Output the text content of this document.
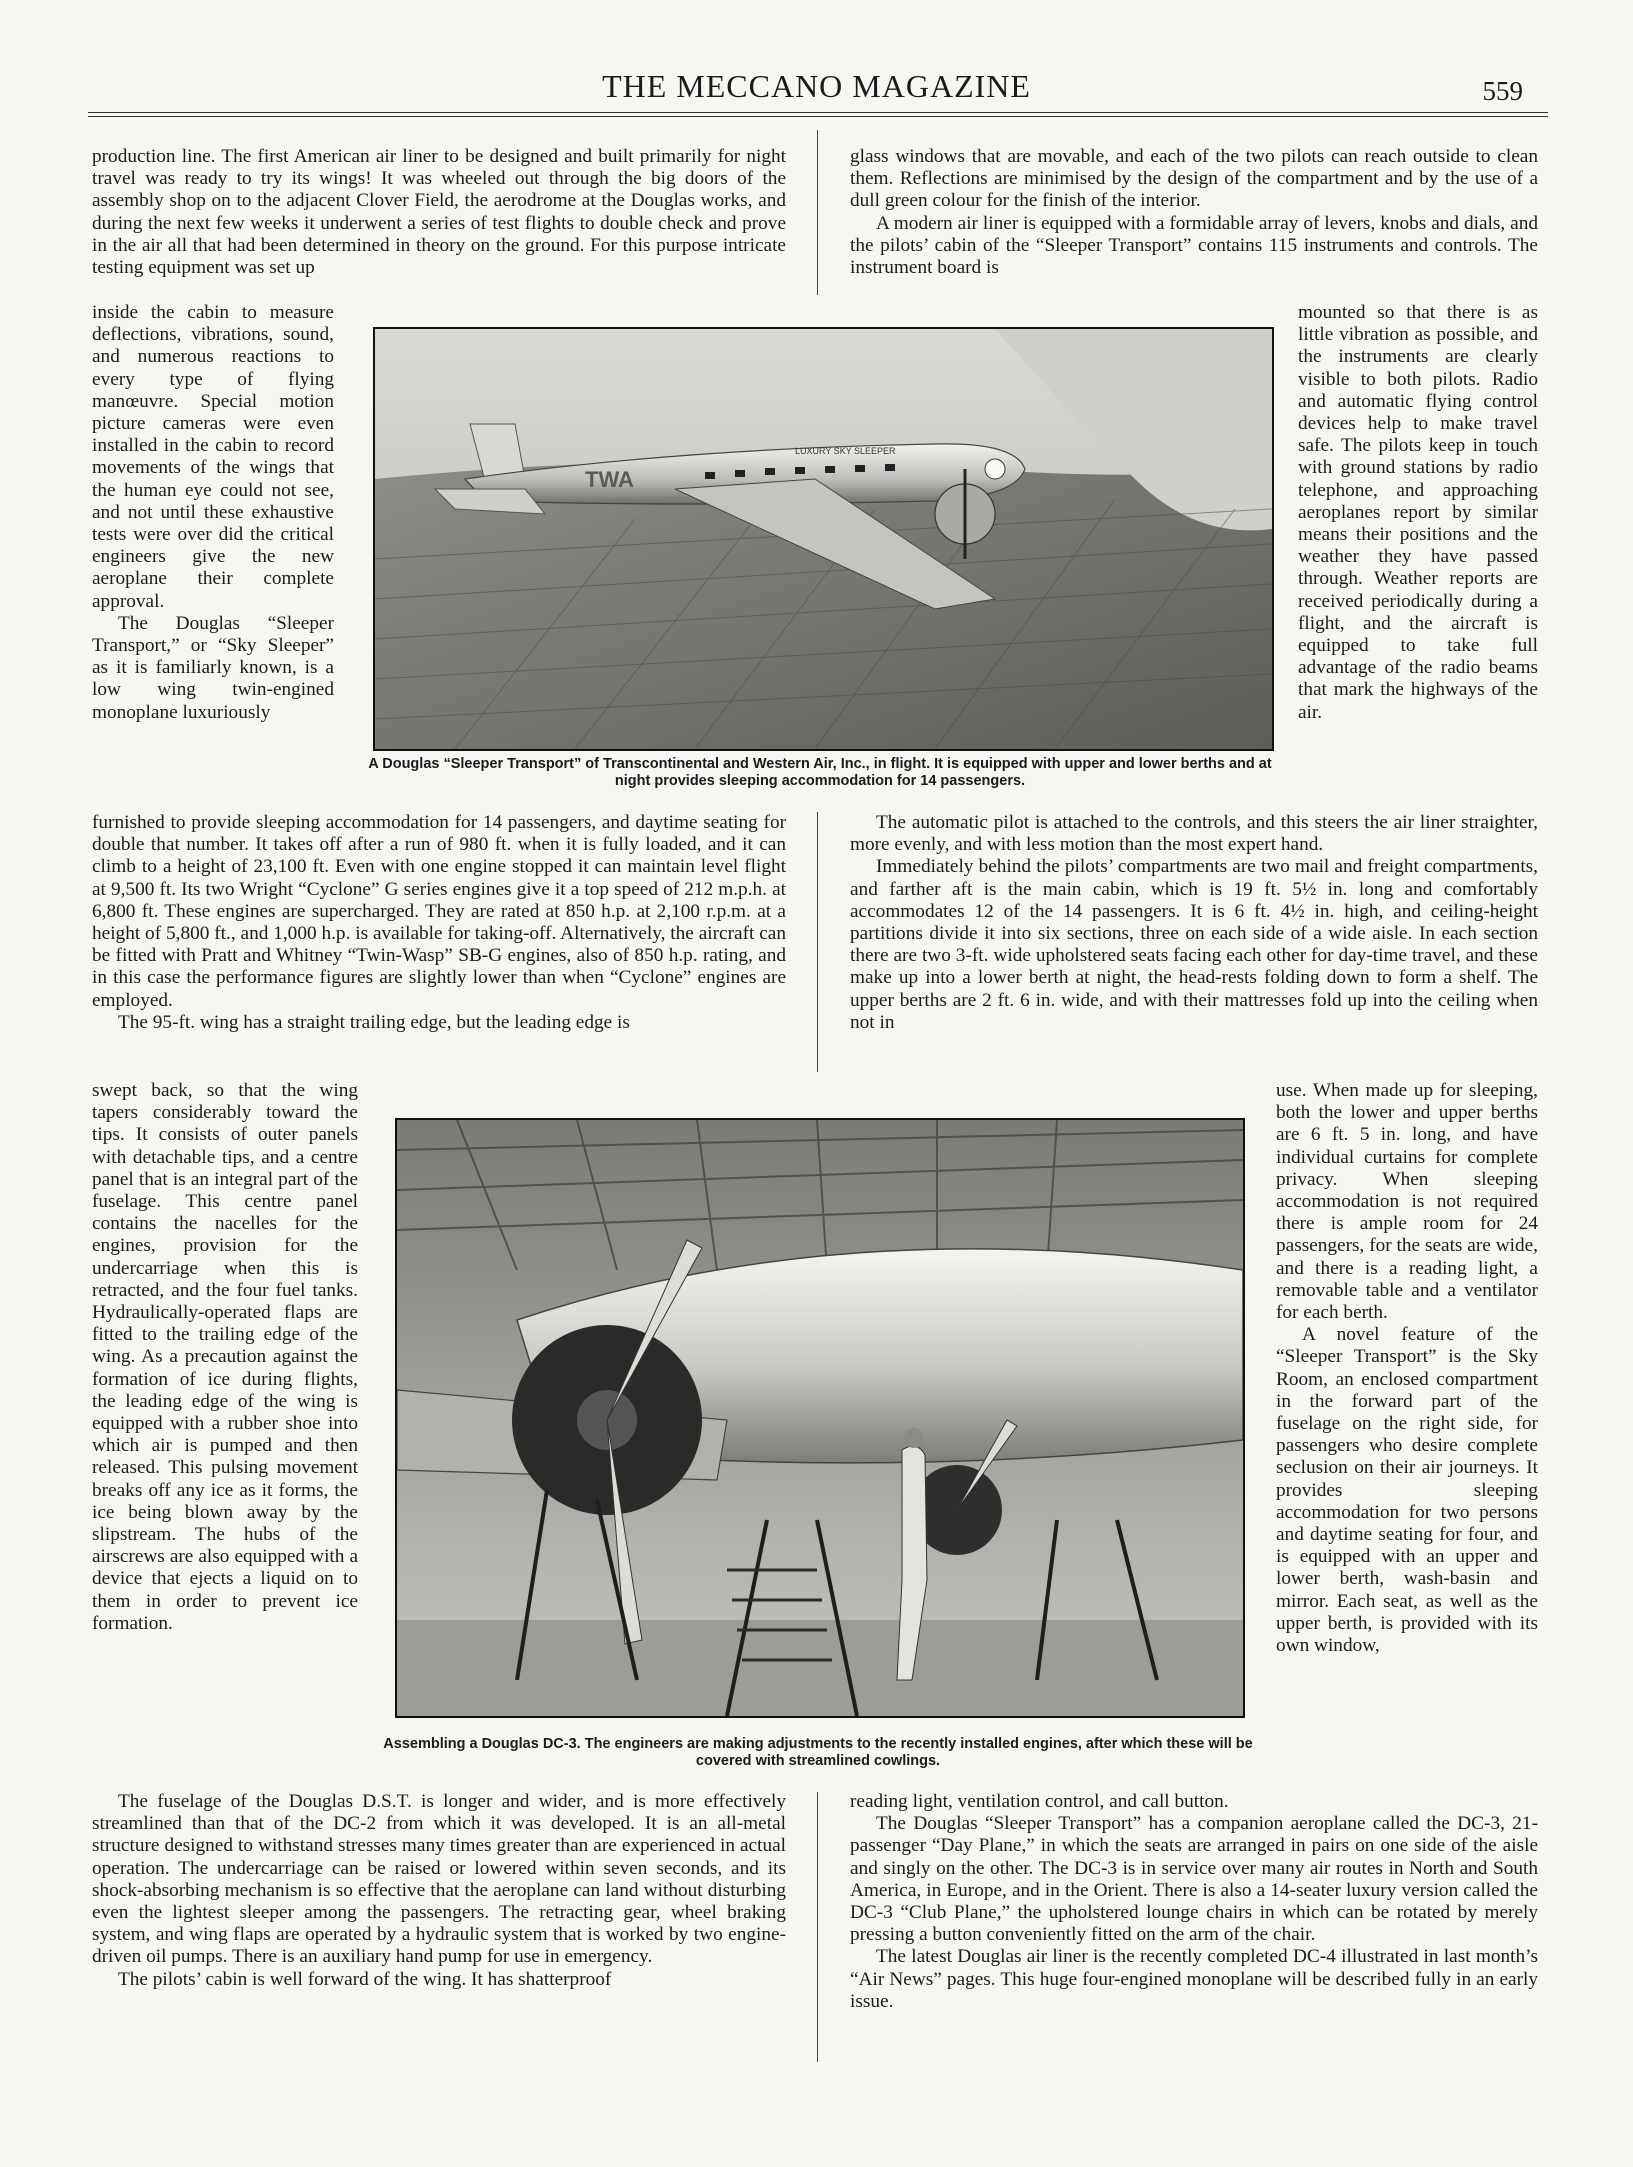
THE MECCANO MAGAZINE	559

production line. The first American air liner to be designed and built primarily for night travel was ready to try its wings! It was wheeled out through the big doors of the assembly shop on to the adjacent Clover Field, the aerodrome at the Douglas works, and during the next few weeks it underwent a series of test flights to double check and prove in the air all that had been determined in theory on the ground. For this purpose intricate testing equipment was set up

inside the cabin to measure deflections, vibrations, sound, and numerous reactions to every type of flying manœuvre. Special motion picture cameras were even installed in the cabin to record movements of the wings that the human eye could not see, and not until these exhaustive tests were over did the critical engineers give the new aeroplane their complete approval.

The Douglas “Sleeper Transport,” or “Sky Sleeper” as it is familiarly known, is a low wing twin-engined monoplane luxuriously

furnished to provide sleeping accommodation for 14 passengers, and daytime seating for double that number. It takes off after a run of 980 ft. when it is fully loaded, and it can climb to a height of 23,100 ft. Even with one engine stopped it can maintain level flight at 9,500 ft. Its two Wright “Cyclone” G series engines give it a top speed of 212 m.p.h. at 6,800 ft. These engines are supercharged. They are rated at 850 h.p. at 2,100 r.p.m. at a height of 5,800 ft., and 1,000 h.p. is available for taking-off. Alternatively, the aircraft can be fitted with Pratt and Whitney “Twin-Wasp” SB-G engines, also of 850 h.p. rating, and in this case the performance figures are slightly lower than when “Cyclone” engines are employed.

The 95-ft. wing has a straight trailing edge, but the leading edge is

swept back, so that the wing tapers considerably toward the tips. It consists of outer panels with detachable tips, and a centre panel that is an integral part of the fuselage. This centre panel contains the nacelles for the engines, provision for the undercarriage when this is retracted, and the four fuel tanks. Hydraulically-operated flaps are fitted to the trailing edge of the wing. As a precaution against the formation of ice during flights, the leading edge of the wing is equipped with a rubber shoe into which air is pumped and then released. This pulsing movement breaks off any ice as it forms, the ice being blown away by the slipstream. The hubs of the airscrews are also equipped with a device that ejects a liquid on to them in order to prevent ice formation.

The fuselage of the Douglas D.S.T. is longer and wider, and is more effectively streamlined than that of the DC-2 from which it was developed. It is an all-metal structure designed to withstand stresses many times greater than are experienced in actual operation. The undercarriage can be raised or lowered within seven seconds, and its shock-absorbing mechanism is so effective that the aeroplane can land without disturbing even the lightest sleeper among the passengers. The retracting gear, wheel braking system, and wing flaps are operated by a hydraulic system that is worked by two engine-driven oil pumps. There is an auxiliary hand pump for use in emergency.

The pilots’ cabin is well forward of the wing. It has shatterproof

glass windows that are movable, and each of the two pilots can reach outside to clean them. Reflections are minimised by the design of the compartment and by the use of a dull green colour for the finish of the interior.

A modern air liner is equipped with a formidable array of levers, knobs and dials, and the pilots’ cabin of the “Sleeper Transport” contains 115 instruments and controls. The instrument board is

mounted so that there is as little vibration as possible, and the instruments are clearly visible to both pilots. Radio and automatic flying control devices help to make travel safe. The pilots keep in touch with ground stations by radio telephone, and approaching aeroplanes report by similar means their positions and the weather they have passed through. Weather reports are received periodically during a flight, and the aircraft is equipped to take full advantage of the radio beams that mark the highways of the air.

The automatic pilot is attached to the controls, and this steers the air liner straighter, more evenly, and with less motion than the most expert hand.

Immediately behind the pilots’ compartments are two mail and freight compartments, and farther aft is the main cabin, which is 19 ft. 5½ in. long and comfortably accommodates 12 of the 14 passengers. It is 6 ft. 4½ in. high, and ceiling-height partitions divide it into six sections, three on each side of a wide aisle. In each section there are two 3-ft. wide upholstered seats facing each other for day-time travel, and these make up into a lower berth at night, the head-rests folding down to form a shelf. The upper berths are 2 ft. 6 in. wide, and with their mattresses fold up into the ceiling when not in

use. When made up for sleeping, both the lower and upper berths are 6 ft. 5 in. long, and have individual curtains for complete privacy. When sleeping accommodation is not required there is ample room for 24 passengers, for the seats are wide, and there is a reading light, a removable table and a ventilator for each berth.

A novel feature of the “Sleeper Transport” is the Sky Room, an enclosed compartment in the forward part of the fuselage on the right side, for passengers who desire complete seclusion on their air journeys. It provides sleeping accommodation for two persons and daytime seating for four, and is equipped with an upper and lower berth, wash-basin and mirror. Each seat, as well as the upper berth, is provided with its own window,

reading light, ventilation control, and call button.

The Douglas “Sleeper Transport” has a companion aeroplane called the DC-3, 21-passenger “Day Plane,” in which the seats are arranged in pairs on one side of the aisle and singly on the other. The DC-3 is in service over many air routes in North and South America, in Europe, and in the Orient. There is also a 14-seater luxury version called the DC-3 “Club Plane,” the upholstered lounge chairs in which can be rotated by merely pressing a button conveniently fitted on the arm of the chair.

The latest Douglas air liner is the recently completed DC-4 illustrated in last month’s “Air News” pages. This huge four-engined monoplane will be described fully in an early issue.

TWA
LUXURY SKY SLEEPER
A Douglas “Sleeper Transport” of Transcontinental and Western Air, Inc., in flight. It is equipped with upper and lower berths and at night provides sleeping accommodation for 14 passengers.
Assembling a Douglas DC-3. The engineers are making adjustments to the recently installed engines, after which these will be covered with streamlined cowlings.
